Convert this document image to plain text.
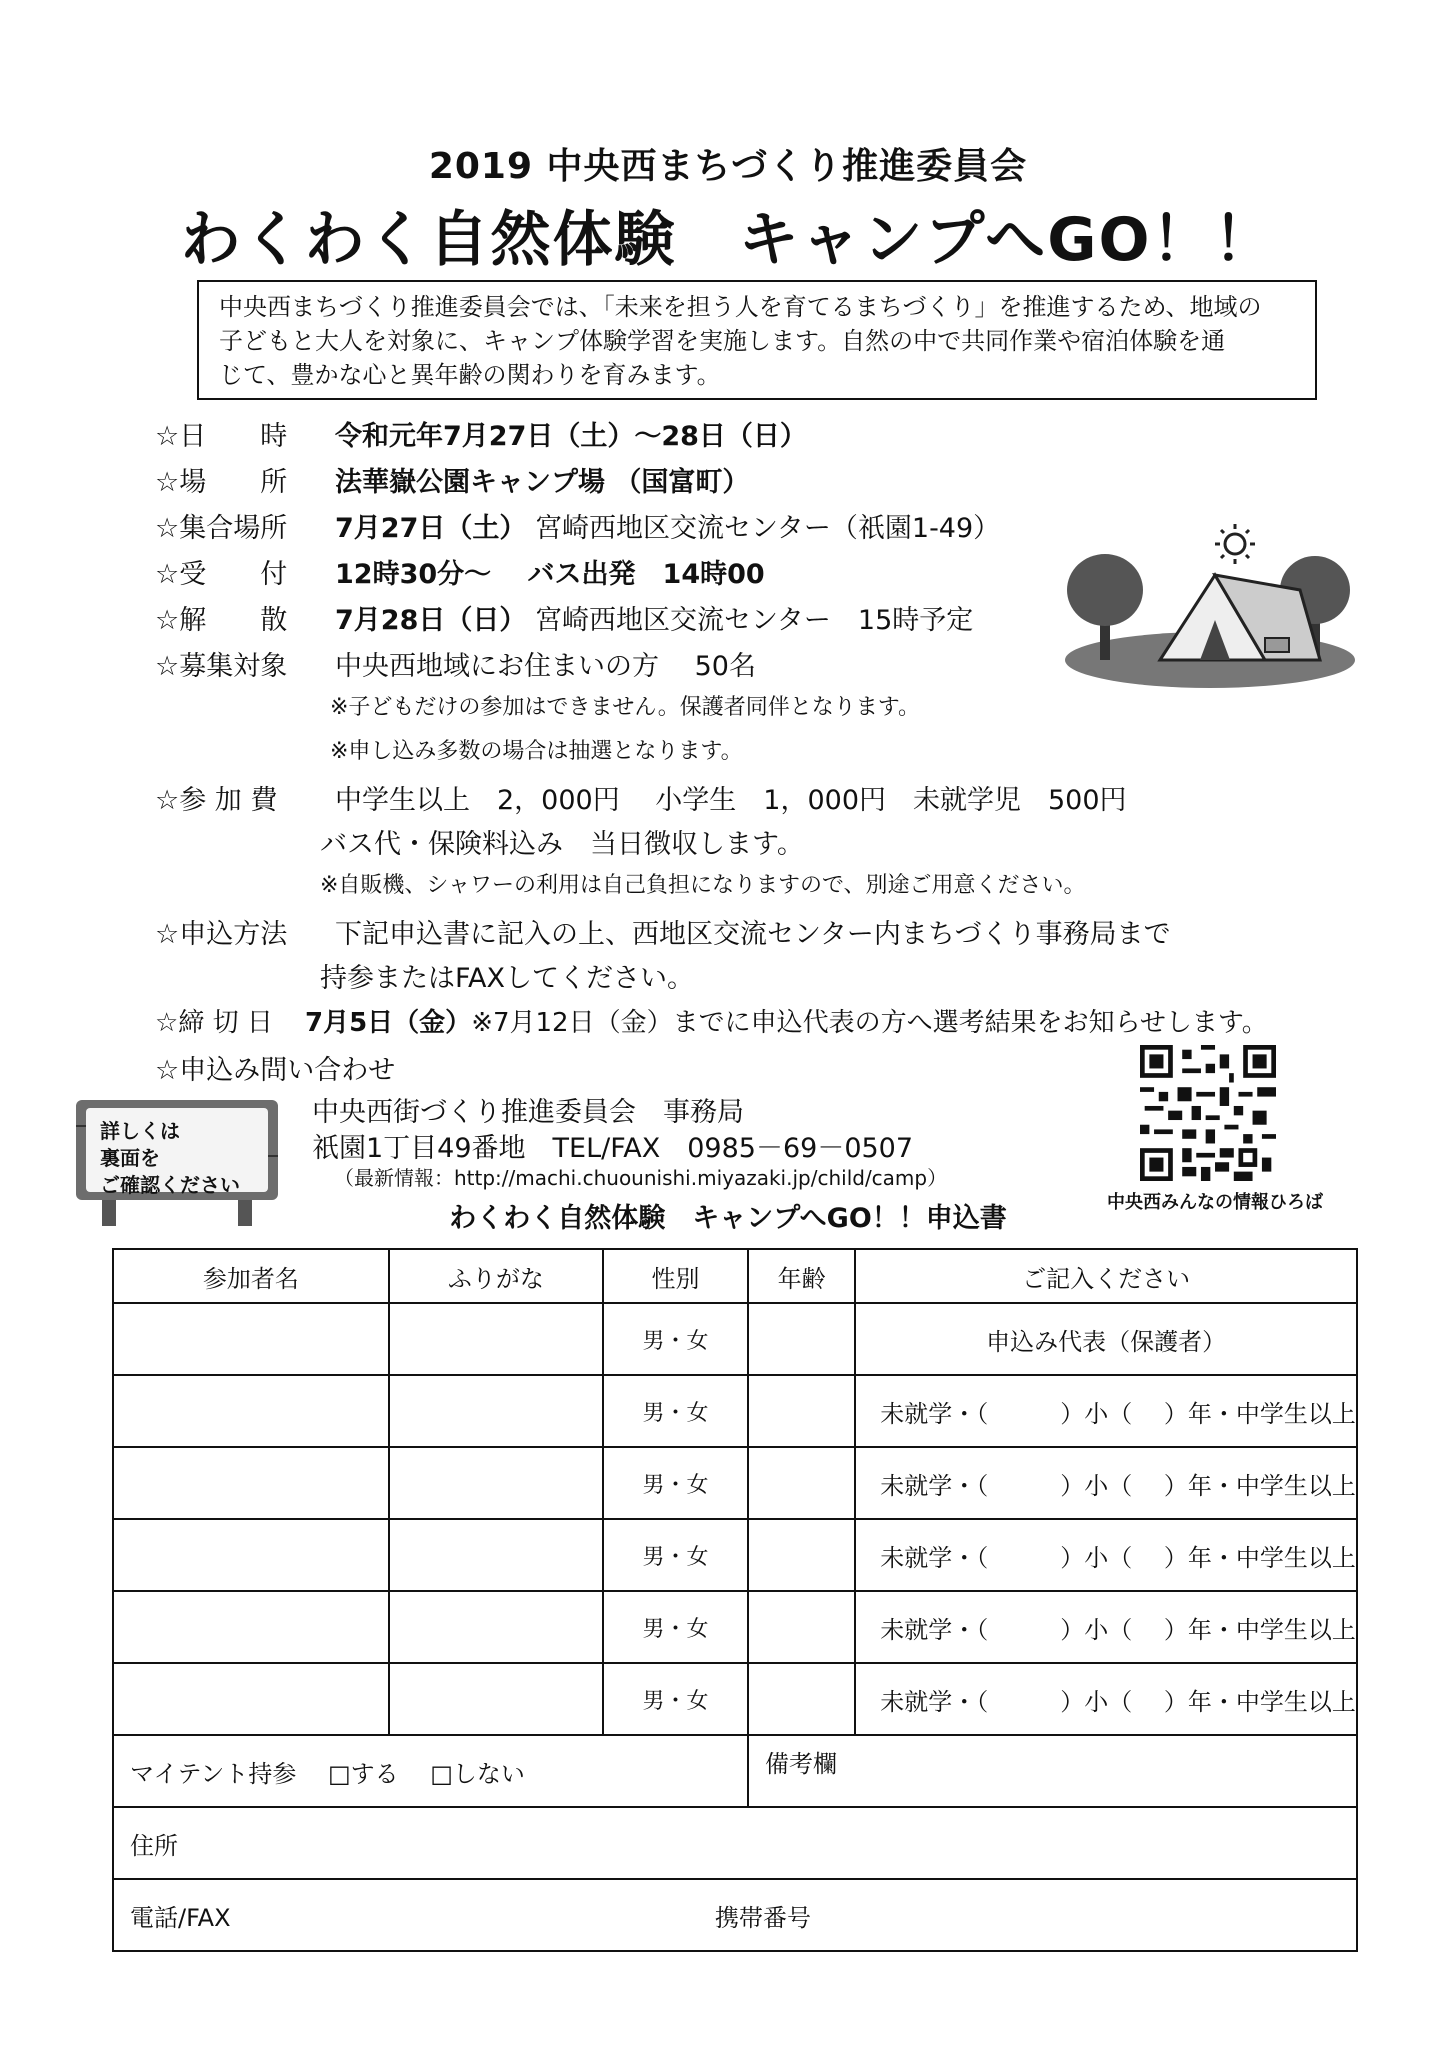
2019 中央西まちづくり推進委員会
わくわく自然体験　キャンプへGO！！
中央西まちづくり推進委員会では、「未来を担う人を育てるまちづくり」を推進するため、地域の
子どもと大人を対象に、キャンプ体験学習を実施します。自然の中で共同作業や宿泊体験を通
じて、豊かな心と異年齢の関わりを育みます。
☆日　　時 令和元年7月27日（土）～28日（日）
☆場　　所 法華嶽公園キャンプ場 （国富町）
☆集合場所 7月27日（土） 宮崎西地区交流センター（祇園1-49）
☆受　　付 12時30分～　 バス出発　14時00
☆解　　散 7月28日（日） 宮崎西地区交流センター　15時予定
☆募集対象 中央西地域にお住まいの方　 50名
※子どもだけの参加はできません。保護者同伴となります。
※申し込み多数の場合は抽選となります。
☆参 加 費 中学生以上　2，000円　 小学生　1，000円　未就学児　500円
バス代・保険料込み　当日徴収します。
※自販機、シャワーの利用は自己負担になりますので、別途ご用意ください。
☆申込方法 下記申込書に記入の上、西地区交流センター内まちづくり事務局まで
持参またはFAXしてください。
☆締 切 日 7月5日（金）※7月12日（金）までに申込代表の方へ選考結果をお知らせします。
☆申込み問い合わせ
中央西街づくり推進委員会　事務局
祇園1丁目49番地　TEL/FAX　0985－69－0507
（最新情報：http://machi.chuounishi.miyazaki.jp/child/camp）
詳しくは
裏面を
ご確認ください
中央西みんなの情報ひろば
わくわく自然体験　キャンプへGO！！申込書
参加者名	ふりがな	性別	年齢	ご記入ください
		男・女		申込み代表（保護者）
		男・女		未就学・（　　　）小（　 ）年・中学生以上
		男・女		未就学・（　　　）小（　 ）年・中学生以上
		男・女		未就学・（　　　）小（　 ）年・中学生以上
		男・女		未就学・（　　　）小（　 ）年・中学生以上
		男・女		未就学・（　　　）小（　 ）年・中学生以上
マイテント持参　 □する　 □しない			備考欄	
住所				
電話/FAX 携帯番号				
